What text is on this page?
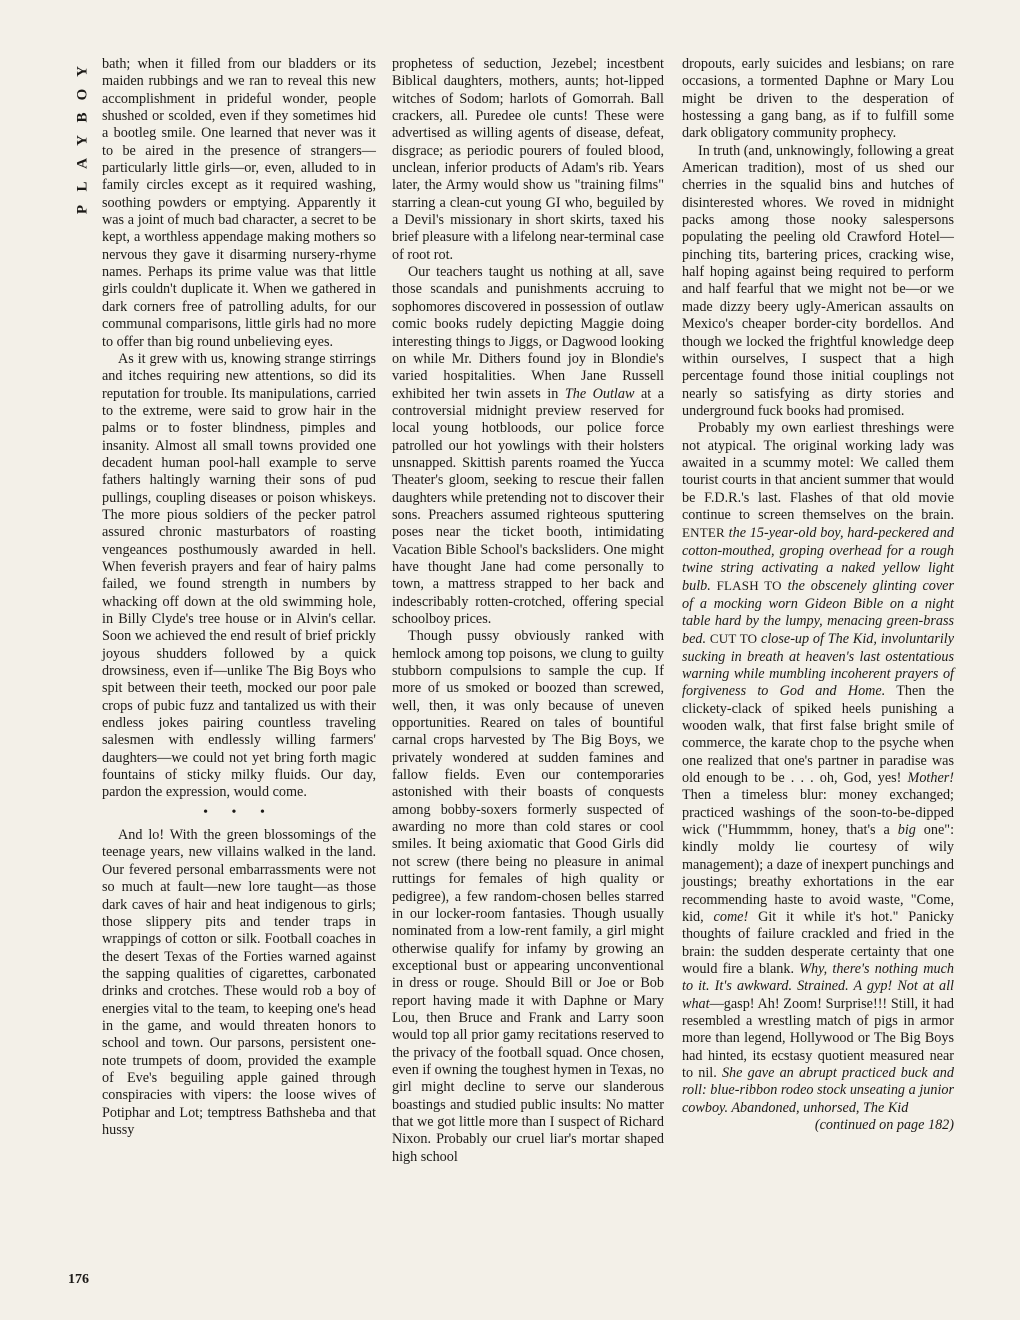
Y
O
B
Y
A
L
P
176

bath; when it filled from our bladders or its maiden rubbings and we ran to reveal this new accomplishment in prideful wonder, people shushed or scolded, even if they sometimes hid a bootleg smile. One learned that never was it to be aired in the presence of strangers—particularly little girls—or, even, alluded to in family circles except as it required washing, soothing powders or emptying. Apparently it was a joint of much bad character, a secret to be kept, a worthless appendage making mothers so nervous they gave it disarming nursery-rhyme names. Perhaps its prime value was that little girls couldn't duplicate it. When we gathered in dark corners free of patrolling adults, for our communal comparisons, little girls had no more to offer than big round unbelieving eyes.

As it grew with us, knowing strange stirrings and itches requiring new attentions, so did its reputation for trouble. Its manipulations, carried to the extreme, were said to grow hair in the palms or to foster blindness, pimples and insanity. Almost all small towns provided one decadent human pool-hall example to serve fathers haltingly warning their sons of pud pullings, coupling diseases or poison whiskeys. The more pious soldiers of the pecker patrol assured chronic masturbators of roasting vengeances posthumously awarded in hell. When feverish prayers and fear of hairy palms failed, we found strength in numbers by whacking off down at the old swimming hole, in Billy Clyde's tree house or in Alvin's cellar. Soon we achieved the end result of brief prickly joyous shudders followed by a quick drowsiness, even if—unlike The Big Boys who spit between their teeth, mocked our poor pale crops of pubic fuzz and tantalized us with their endless jokes pairing countless traveling salesmen with endlessly willing farmers' daughters—we could not yet bring forth magic fountains of sticky milky fluids. Our day, pardon the expression, would come.

• • •

And lo! With the green blossomings of the teenage years, new villains walked in the land. Our fevered personal embarrassments were not so much at fault—new lore taught—as those dark caves of hair and heat indigenous to girls; those slippery pits and tender traps in wrappings of cotton or silk. Football coaches in the desert Texas of the Forties warned against the sapping qualities of cigarettes, carbonated drinks and crotches. These would rob a boy of energies vital to the team, to keeping one's head in the game, and would threaten honors to school and town. Our parsons, persistent one-note trumpets of doom, provided the example of Eve's beguiling apple gained through conspiracies with vipers: the loose wives of Potiphar and Lot; temptress Bathsheba and that hussy

prophetess of seduction, Jezebel; incestbent Biblical daughters, mothers, aunts; hot-lipped witches of Sodom; harlots of Gomorrah. Ball crackers, all. Puredee ole cunts! These were advertised as willing agents of disease, defeat, disgrace; as periodic pourers of fouled blood, unclean, inferior products of Adam's rib. Years later, the Army would show us "training films" starring a clean-cut young GI who, beguiled by a Devil's missionary in short skirts, taxed his brief pleasure with a lifelong near-terminal case of root rot.

Our teachers taught us nothing at all, save those scandals and punishments accruing to sophomores discovered in possession of outlaw comic books rudely depicting Maggie doing interesting things to Jiggs, or Dagwood looking on while Mr. Dithers found joy in Blondie's varied hospitalities. When Jane Russell exhibited her twin assets in The Outlaw at a controversial midnight preview reserved for local young hotbloods, our police force patrolled our hot yowlings with their holsters unsnapped. Skittish parents roamed the Yucca Theater's gloom, seeking to rescue their fallen daughters while pretending not to discover their sons. Preachers assumed righteous sputtering poses near the ticket booth, intimidating Vacation Bible School's backsliders. One might have thought Jane had come personally to town, a mattress strapped to her back and indescribably rotten-crotched, offering special schoolboy prices.

Though pussy obviously ranked with hemlock among top poisons, we clung to guilty stubborn compulsions to sample the cup. If more of us smoked or boozed than screwed, well, then, it was only because of uneven opportunities. Reared on tales of bountiful carnal crops harvested by The Big Boys, we privately wondered at sudden famines and fallow fields. Even our contemporaries astonished with their boasts of conquests among bobby-soxers formerly suspected of awarding no more than cold stares or cool smiles. It being axiomatic that Good Girls did not screw (there being no pleasure in animal ruttings for females of high quality or pedigree), a few random-chosen belles starred in our locker-room fantasies. Though usually nominated from a low-rent family, a girl might otherwise qualify for infamy by growing an exceptional bust or appearing unconventional in dress or rouge. Should Bill or Joe or Bob report having made it with Daphne or Mary Lou, then Bruce and Frank and Larry soon would top all prior gamy recitations reserved to the privacy of the football squad. Once chosen, even if owning the toughest hymen in Texas, no girl might decline to serve our slanderous boastings and studied public insults: No matter that we got little more than I suspect of Richard Nixon. Probably our cruel liar's mortar shaped high school

dropouts, early suicides and lesbians; on rare occasions, a tormented Daphne or Mary Lou might be driven to the desperation of hostessing a gang bang, as if to fulfill some dark obligatory community prophecy.

In truth (and, unknowingly, following a great American tradition), most of us shed our cherries in the squalid bins and hutches of disinterested whores. We roved in midnight packs among those nooky salespersons populating the peeling old Crawford Hotel—pinching tits, bartering prices, cracking wise, half hoping against being required to perform and half fearful that we might not be—or we made dizzy beery ugly-American assaults on Mexico's cheaper border-city bordellos. And though we locked the frightful knowledge deep within ourselves, I suspect that a high percentage found those initial couplings not nearly so satisfying as dirty stories and underground fuck books had promised.

Probably my own earliest threshings were not atypical. The original working lady was awaited in a scummy motel: We called them tourist courts in that ancient summer that would be F.D.R.'s last. Flashes of that old movie continue to screen themselves on the brain. ENTER the 15-year-old boy, hard-peckered and cotton-mouthed, groping overhead for a rough twine string activating a naked yellow light bulb. FLASH TO the obscenely glinting cover of a mocking worn Gideon Bible on a night table hard by the lumpy, menacing green-brass bed. CUT TO close-up of The Kid, involuntarily sucking in breath at heaven's last ostentatious warning while mumbling incoherent prayers of forgiveness to God and Home. Then the clickety-clack of spiked heels punishing a wooden walk, that first false bright smile of commerce, the karate chop to the psyche when one realized that one's partner in paradise was old enough to be . . . oh, God, yes! Mother! Then a timeless blur: money exchanged; practiced washings of the soon-to-be-dipped wick ("Hummmm, honey, that's a big one": kindly moldy lie courtesy of wily management); a daze of inexpert punchings and joustings; breathy exhortations in the ear recommending haste to avoid waste, "Come, kid, come! Git it while it's hot." Panicky thoughts of failure crackled and fried in the brain: the sudden desperate certainty that one would fire a blank. Why, there's nothing much to it. It's awkward. Strained. A gyp! Not at all what—gasp! Ah! Zoom! Surprise!!! Still, it had resembled a wrestling match of pigs in armor more than legend, Hollywood or The Big Boys had hinted, its ecstasy quotient measured near to nil. She gave an abrupt practiced buck and roll: blue-ribbon rodeo stock unseating a junior cowboy. Abandoned, unhorsed, The Kid

(continued on page 182)
